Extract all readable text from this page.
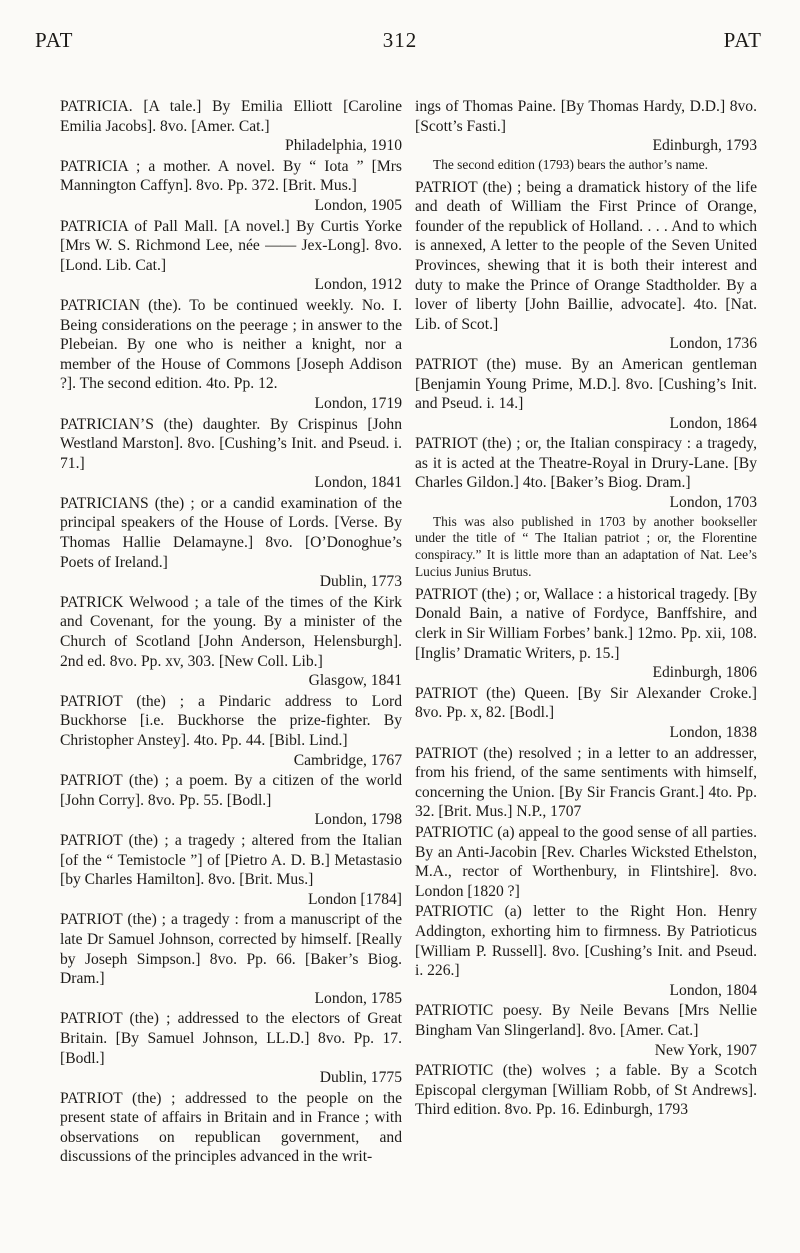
PAT	312	PAT
PATRICIA. [A tale.] By Emilia Elliott [Caroline Emilia Jacobs]. 8vo. [Amer. Cat.]
Philadelphia, 1910
PATRICIA ; a mother. A novel. By “ Iota ” [Mrs Mannington Caffyn]. 8vo. Pp. 372. [Brit. Mus.]
London, 1905
PATRICIA of Pall Mall. [A novel.] By Curtis Yorke [Mrs W. S. Richmond Lee, née —— Jex-Long]. 8vo. [Lond. Lib. Cat.]
London, 1912
PATRICIAN (the). To be continued weekly. No. I. Being considerations on the peerage ; in answer to the Plebeian. By one who is neither a knight, nor a member of the House of Commons [Joseph Addison ?]. The second edition. 4to. Pp. 12.
London, 1719
PATRICIAN’S (the) daughter. By Crispinus [John Westland Marston]. 8vo. [Cushing’s Init. and Pseud. i. 71.]
London, 1841
PATRICIANS (the) ; or a candid examination of the principal speakers of the House of Lords. [Verse. By Thomas Hallie Delamayne.] 8vo. [O’Donoghue’s Poets of Ireland.]
Dublin, 1773
PATRICK Welwood ; a tale of the times of the Kirk and Covenant, for the young. By a minister of the Church of Scotland [John Anderson, Helensburgh]. 2nd ed. 8vo. Pp. xv, 303. [New Coll. Lib.]
Glasgow, 1841
PATRIOT (the) ; a Pindaric address to Lord Buckhorse [i.e. Buckhorse the prize-fighter. By Christopher Anstey]. 4to. Pp. 44. [Bibl. Lind.]
Cambridge, 1767
PATRIOT (the) ; a poem. By a citizen of the world [John Corry]. 8vo. Pp. 55. [Bodl.]
London, 1798
PATRIOT (the) ; a tragedy ; altered from the Italian [of the “ Temistocle ”] of [Pietro A. D. B.] Metastasio [by Charles Hamilton]. 8vo. [Brit. Mus.]
London [1784]
PATRIOT (the) ; a tragedy : from a manuscript of the late Dr Samuel Johnson, corrected by himself. [Really by Joseph Simpson.] 8vo. Pp. 66. [Baker’s Biog. Dram.]
London, 1785
PATRIOT (the) ; addressed to the electors of Great Britain. [By Samuel Johnson, LL.D.] 8vo. Pp. 17. [Bodl.]
Dublin, 1775
PATRIOT (the) ; addressed to the people on the present state of affairs in Britain and in France ; with observations on republican government, and discussions of the principles advanced in the writ-
ings of Thomas Paine. [By Thomas Hardy, D.D.] 8vo. [Scott’s Fasti.]
Edinburgh, 1793
The second edition (1793) bears the author’s name.
PATRIOT (the) ; being a dramatick history of the life and death of William the First Prince of Orange, founder of the republick of Holland. . . . And to which is annexed, A letter to the people of the Seven United Provinces, shewing that it is both their interest and duty to make the Prince of Orange Stadtholder. By a lover of liberty [John Baillie, advocate]. 4to. [Nat. Lib. of Scot.]
London, 1736
PATRIOT (the) muse. By an American gentleman [Benjamin Young Prime, M.D.]. 8vo. [Cushing’s Init. and Pseud. i. 14.]
London, 1864
PATRIOT (the) ; or, the Italian conspiracy : a tragedy, as it is acted at the Theatre-Royal in Drury-Lane. [By Charles Gildon.] 4to. [Baker’s Biog. Dram.]
London, 1703
This was also published in 1703 by another bookseller under the title of “ The Italian patriot ; or, the Florentine conspiracy.” It is little more than an adaptation of Nat. Lee’s Lucius Junius Brutus.
PATRIOT (the) ; or, Wallace : a historical tragedy. [By Donald Bain, a native of Fordyce, Banffshire, and clerk in Sir William Forbes’ bank.] 12mo. Pp. xii, 108. [Inglis’ Dramatic Writers, p. 15.]
Edinburgh, 1806
PATRIOT (the) Queen. [By Sir Alexander Croke.] 8vo. Pp. x, 82. [Bodl.]
London, 1838
PATRIOT (the) resolved ; in a letter to an addresser, from his friend, of the same sentiments with himself, concerning the Union. [By Sir Francis Grant.] 4to. Pp. 32. [Brit. Mus.] N.P., 1707
PATRIOTIC (a) appeal to the good sense of all parties. By an Anti-Jacobin [Rev. Charles Wicksted Ethelston, M.A., rector of Worthenbury, in Flintshire]. 8vo. London [1820 ?]
PATRIOTIC (a) letter to the Right Hon. Henry Addington, exhorting him to firmness. By Patrioticus [William P. Russell]. 8vo. [Cushing’s Init. and Pseud. i. 226.]
London, 1804
PATRIOTIC poesy. By Neile Bevans [Mrs Nellie Bingham Van Slingerland]. 8vo. [Amer. Cat.]
New York, 1907
PATRIOTIC (the) wolves ; a fable. By a Scotch Episcopal clergyman [William Robb, of St Andrews]. Third edition. 8vo. Pp. 16. Edinburgh, 1793
